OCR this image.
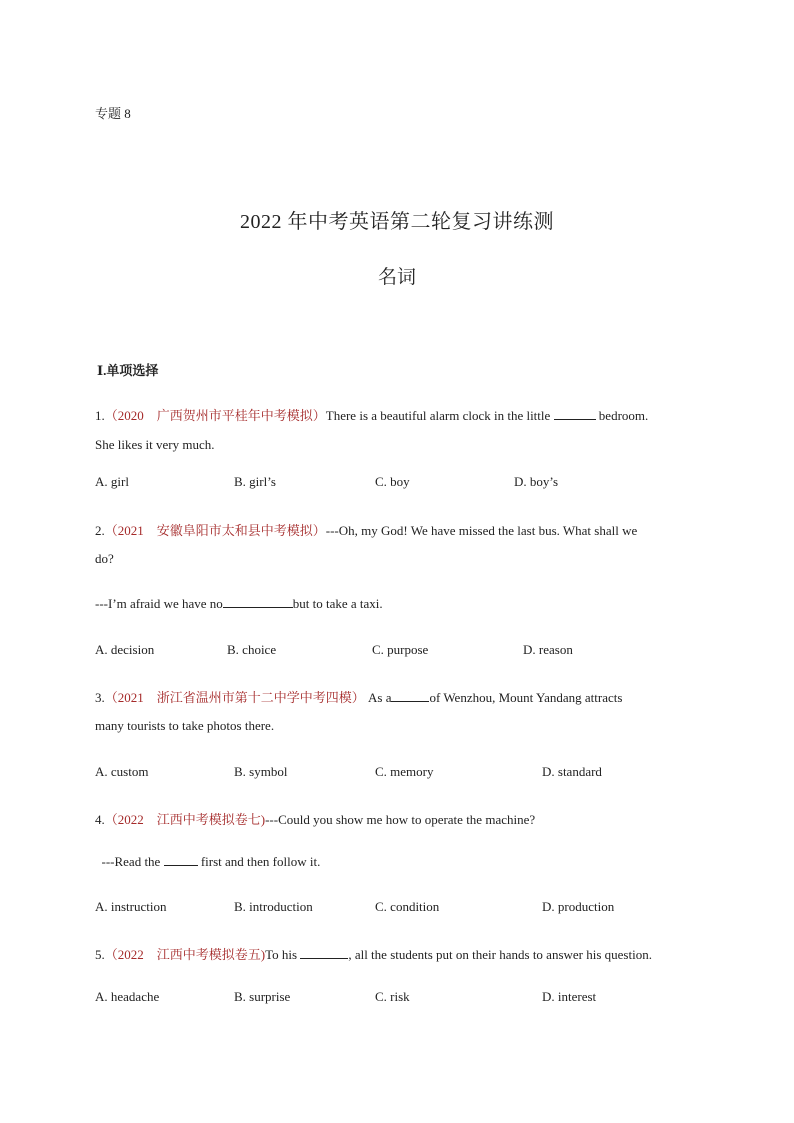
专题 8
2022 年中考英语第二轮复习讲练测
名词
Ⅰ.单项选择
1.（2020　广西贺州市平桂年中考模拟）There is a beautiful alarm clock in the little	bedroom.
She likes it very much.
A. girl	B. girl’s	C. boy	D. boy’s
2.（2021　安徽阜阳市太和县中考模拟）---Oh, my God! We have missed the last bus. What shall we
do?
---I’m afraid we have no	but to take a taxi.
A. decision	B. choice	C. purpose	D. reason
3.（2021　浙江省温州市第十二中学中考四模） As a	of Wenzhou, Mount Yandang attracts
many tourists to take photos there.
A. custom	B. symbol	C. memory	D. standard
4.（2022　江西中考模拟卷七)---Could you show me how to operate the machine?
---Read the	first and then follow it.
A. instruction	B. introduction	C. condition	D. production
5.（2022　江西中考模拟卷五)To his	, all the students put on their hands to answer his question.
A. headache	B. surprise	C. risk	D. interest
